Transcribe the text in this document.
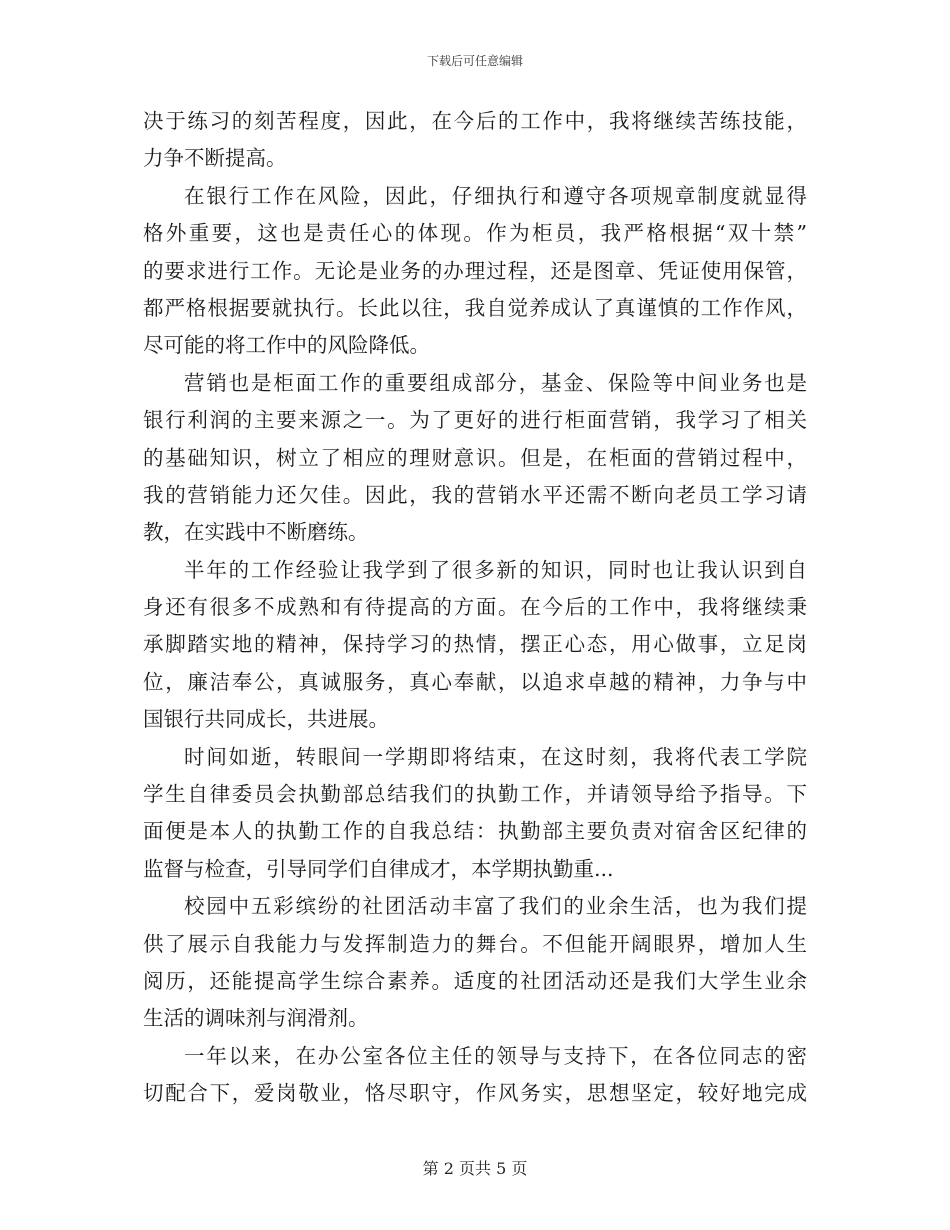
下载后可任意编辑
决于练习的刻苦程度，因此，在今后的工作中，我将继续苦练技能，
力争不断提高。
在银行工作在风险，因此，仔细执行和遵守各项规章制度就显得
格外重要，这也是责任心的体现。作为柜员，我严格根据“双十禁”
的要求进行工作。无论是业务的办理过程，还是图章、凭证使用保管，
都严格根据要就执行。长此以往，我自觉养成认了真谨慎的工作作风，
尽可能的将工作中的风险降低。
营销也是柜面工作的重要组成部分，基金、保险等中间业务也是
银行利润的主要来源之一。为了更好的进行柜面营销，我学习了相关
的基础知识，树立了相应的理财意识。但是，在柜面的营销过程中，
我的营销能力还欠佳。因此，我的营销水平还需不断向老员工学习请
教，在实践中不断磨练。
半年的工作经验让我学到了很多新的知识，同时也让我认识到自
身还有很多不成熟和有待提高的方面。在今后的工作中，我将继续秉
承脚踏实地的精神，保持学习的热情，摆正心态，用心做事，立足岗
位，廉洁奉公，真诚服务，真心奉献，以追求卓越的精神，力争与中
国银行共同成长，共进展。
时间如逝，转眼间一学期即将结束，在这时刻，我将代表工学院
学生自律委员会执勤部总结我们的执勤工作，并请领导给予指导。下
面便是本人的执勤工作的自我总结：执勤部主要负责对宿舍区纪律的
监督与检查，引导同学们自律成才，本学期执勤重...
校园中五彩缤纷的社团活动丰富了我们的业余生活，也为我们提
供了展示自我能力与发挥制造力的舞台。不但能开阔眼界，增加人生
阅历，还能提高学生综合素养。适度的社团活动还是我们大学生业余
生活的调味剂与润滑剂。
一年以来，在办公室各位主任的领导与支持下，在各位同志的密
切配合下，爱岗敬业，恪尽职守，作风务实，思想坚定，较好地完成
第 2 页共 5 页
